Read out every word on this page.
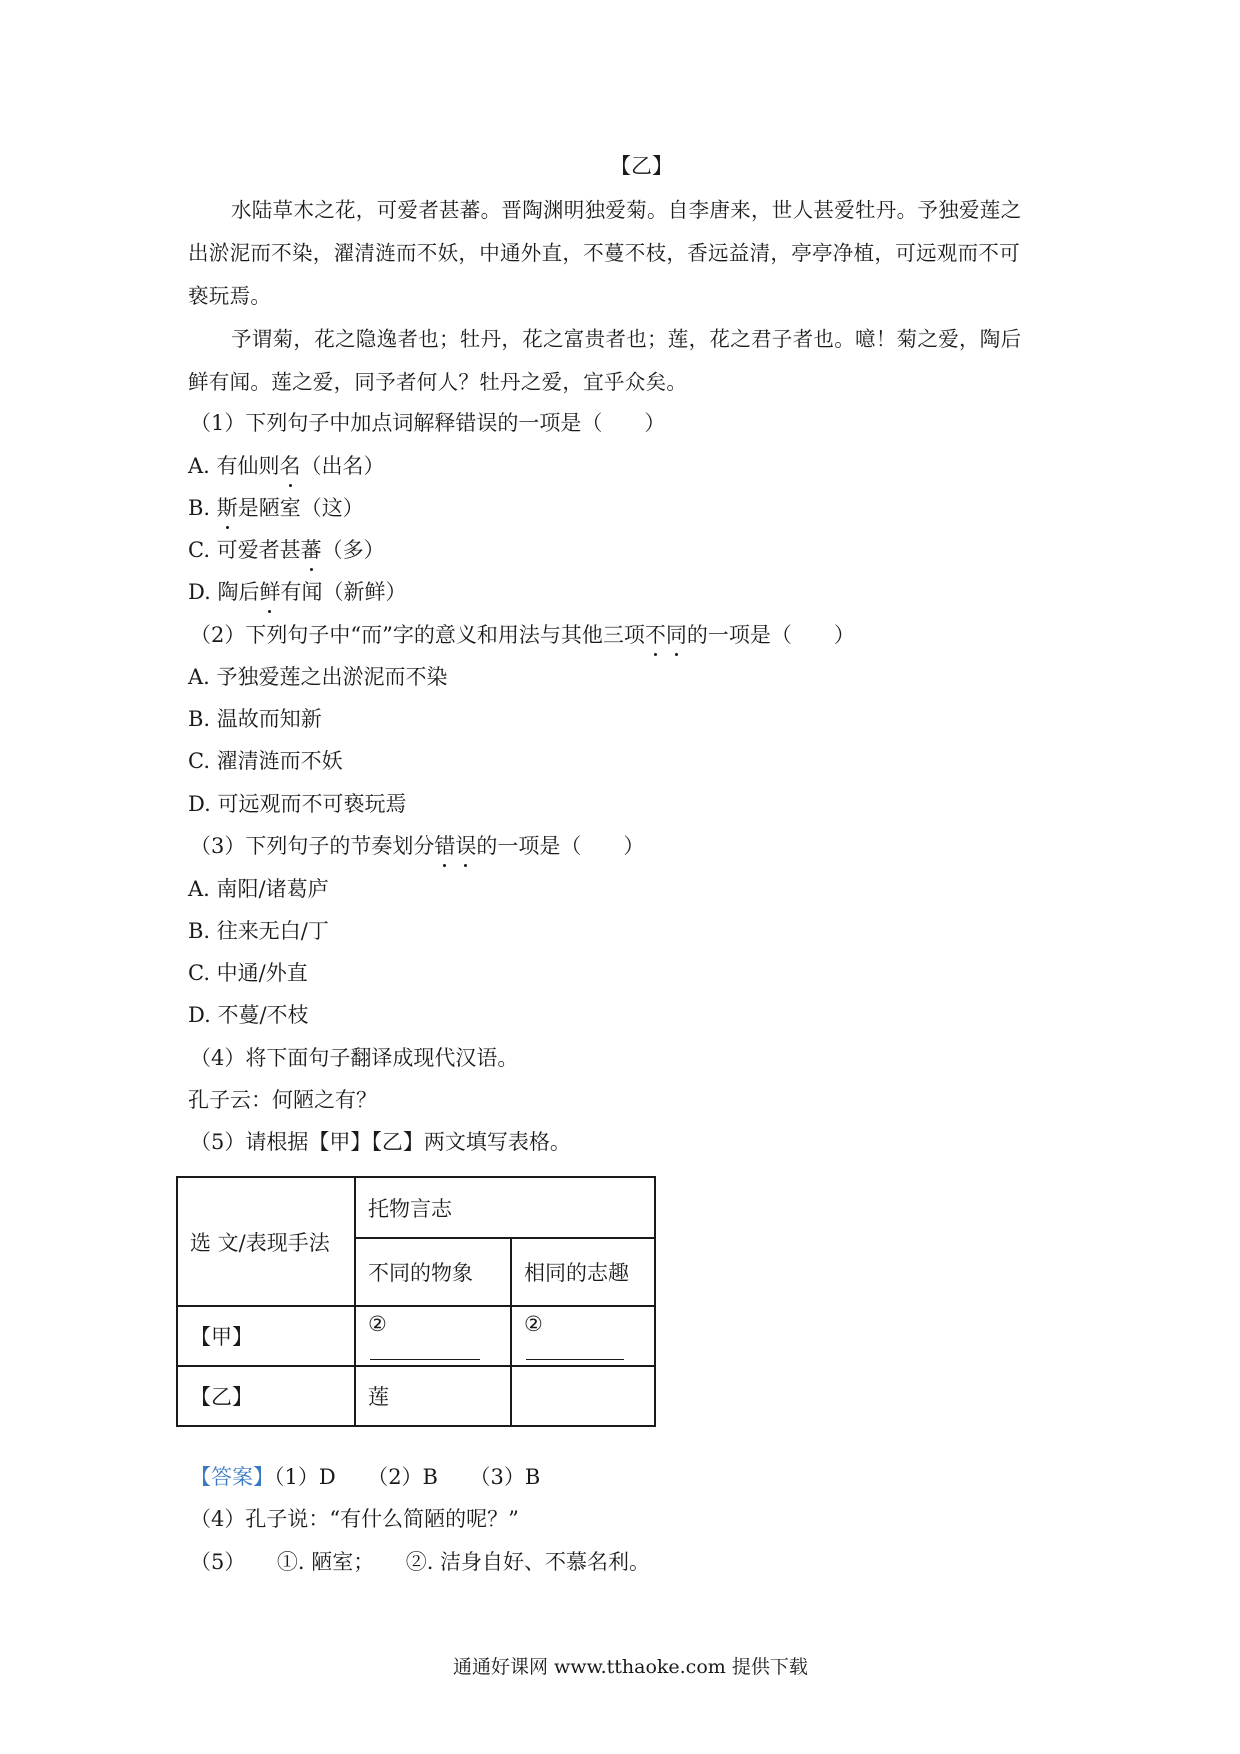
【乙】
水陆草木之花，可爱者甚蕃。晋陶渊明独爱菊。自李唐来，世人甚爱牡丹。予独爱莲之
出淤泥而不染，濯清涟而不妖，中通外直，不蔓不枝，香远益清，亭亭净植，可远观而不可
亵玩焉。
予谓菊，花之隐逸者也；牡丹，花之富贵者也；莲，花之君子者也。噫！菊之爱，陶后
鲜有闻。莲之爱，同予者何人？牡丹之爱，宜乎众矣。
（1）下列句子中加点词解释错误的一项是（　　）
A. 有仙则名（出名）
B. 斯是陋室（这）
C. 可爱者甚蕃（多）
D. 陶后鲜有闻（新鲜）
（2）下列句子中“而”字的意义和用法与其他三项不同的一项是（　　）
A. 予独爱莲之出淤泥而不染
B. 温故而知新
C. 濯清涟而不妖
D. 可远观而不可亵玩焉
（3）下列句子的节奏划分错误的一项是（　　）
A. 南阳/诸葛庐
B. 往来无白/丁
C. 中通/外直
D. 不蔓/不枝
（4）将下面句子翻译成现代汉语。
孔子云：何陋之有？
（5）请根据【甲】【乙】两文填写表格。
选 文/表现手法	托物言志	
	不同的物象	相同的志趣
【甲】	②	②
【乙】	莲	
【答案】（1）D　　（2）B　　（3）B
（4）孔子说：“有什么简陋的呢？”
（5）　　①. 陋室；　　②. 洁身自好、不慕名利。
通通好课网 www.tthaoke.com 提供下载
